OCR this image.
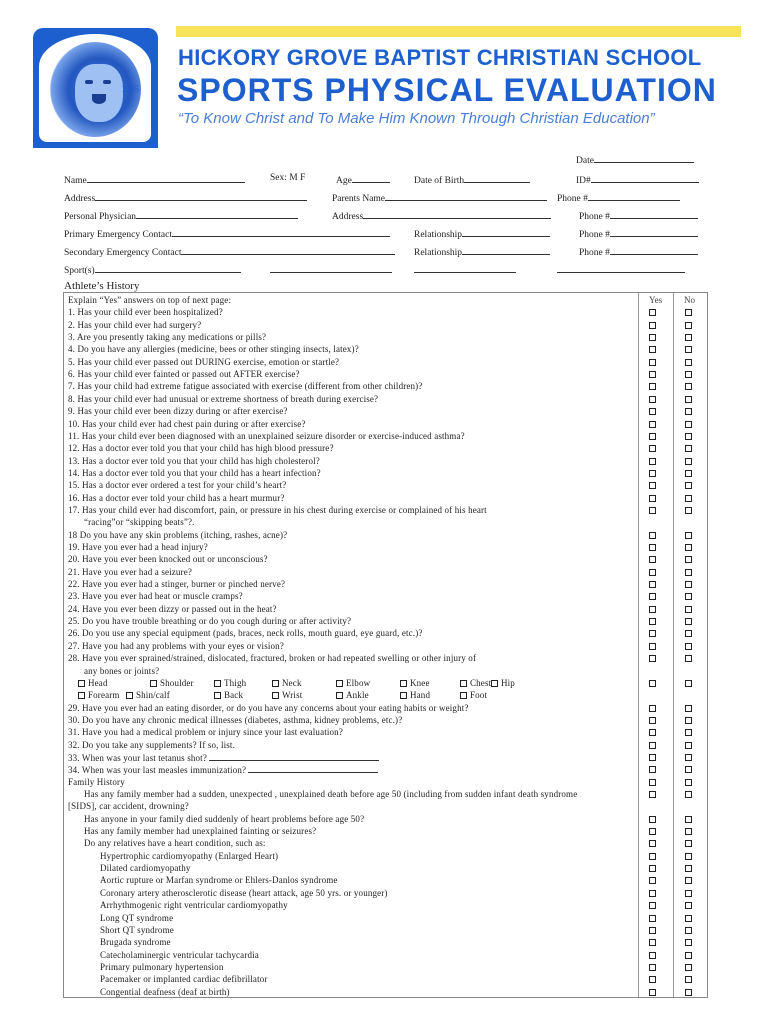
1995
HICKORY GROVE BAPTIST CHRISTIAN SCHOOL
SPORTS PHYSICAL EVALUATION
“To Know Christ and To Make Him Known Through Christian Education”
Date
Name	Sex: M F	Age	Date of Birth	ID#
Address	Parents Name	Phone #
Personal Physician	Address	Phone #
Primary Emergency Contact	Relationship	Phone #
Secondary Emergency Contact	Relationship	Phone #
Sport(s)
Athlete’s History
Yes No
Explain “Yes” answers on top of next page:
1. Has your child ever been hospitalized?
2. Has your child ever had surgery?
3. Are you presently taking any medications or pills?
4. Do you have any allergies (medicine, bees or other stinging insects, latex)?
5. Has your child ever passed out DURING exercise, emotion or startle?
6. Has your child ever fainted or passed out AFTER exercise?
7. Has your child had extreme fatigue associated with exercise (different from other children)?
8. Has your child ever had unusual or extreme shortness of breath during exercise?
9. Has your child ever been dizzy during or after exercise?
10. Has your child ever had chest pain during or after exercise?
11. Has your child ever been diagnosed with an unexplained seizure disorder or exercise-induced asthma?
12. Has a doctor ever told you that your child has high blood pressure?
13. Has a doctor ever told you that your child has high cholesterol?
14. Has a doctor ever told you that your child has a heart infection?
15. Has a doctor ever ordered a test for your child’s heart?
16. Has a doctor ever told your child has a heart murmur?
17. Has your child ever had discomfort, pain, or pressure in his chest during exercise or complained of his heart
“racing”or “skipping beats”?.
18 Do you have any skin problems (itching, rashes, acne)?
19. Have you ever had a head injury?
20. Have you ever been knocked out or unconscious?
21. Have you ever had a seizure?
22. Have you ever had a stinger, burner or pinched nerve?
23. Have you ever had heat or muscle cramps?
24. Have you ever been dizzy or passed out in the heat?
25. Do you have trouble breathing or do you cough during or after activity?
26. Do you use any special equipment (pads, braces, neck rolls, mouth guard, eye guard, etc.)?
27. Have you had any problems with your eyes or vision?
28. Have you ever sprained/strained, dislocated, fractured, broken or had repeated swelling or other injury of
any bones or joints?
Head	Shoulder	Thigh	Neck	Elbow	Knee	Chest	Hip
Forearm	Shin/calf	Back	Wrist	Ankle	Hand	Foot
29. Have you ever had an eating disorder, or do you have any concerns about your eating habits or weight?
30. Do you have any chronic medical illnesses (diabetes, asthma, kidney problems, etc.)?
31. Have you had a medical problem or injury since your last evaluation?
32. Do you take any supplements? If so, list.
33. When was your last tetanus shot?
34. When was your last measles immunization?
Family History
Has any family member had a sudden, unexpected , unexplained death before age 50 (including from sudden infant death syndrome
[SIDS], car accident, drowning?
Has anyone in your family died suddenly of heart problems before age 50?
Has any family member had unexplained fainting or seizures?
Do any relatives have a heart condition, such as:
Hypertrophic cardiomyopathy (Enlarged Heart)
Dilated cardiomyopathy
Aortic rupture or Marfan syndrome or Ehlers-Danlos syndrome
Coronary artery atherosclerotic disease (heart attack, age 50 yrs. or younger)
Arrhythmogenic right ventricular cardiomyopathy
Long QT syndrome
Short QT syndrome
Brugada syndrome
Catecholaminergic ventricular tachycardia
Primary pulmonary hypertension
Pacemaker or implanted cardiac defibrillator
Congential deafness (deaf at birth)
